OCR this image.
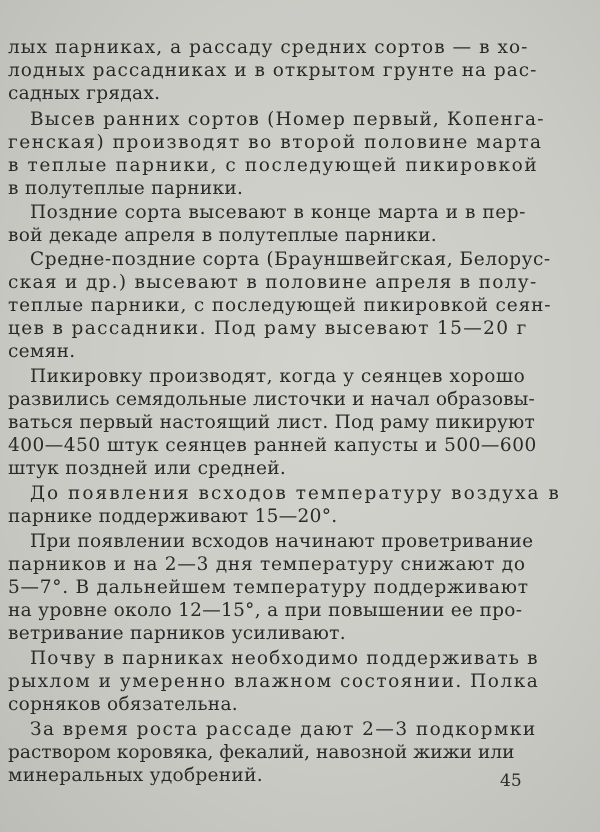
лых парниках, а рассаду средних сортов — в хо-
лодных рассадниках и в открытом грунте на рас-
садных грядах.
Высев ранних сортов (Номер первый, Копенга-
генская) производят во второй половине марта
в теплые парники, с последующей пикировкой
в полутеплые парники.
Поздние сорта высевают в конце марта и в пер-
вой декаде апреля в полутеплые парники.
Средне-поздние сорта (Брауншвейгская, Белорус-
ская и др.) высевают в половине апреля в полу-
теплые парники, с последующей пикировкой сеян-
цев в рассадники. Под раму высевают 15—20 г
семян.
Пикировку производят, когда у сеянцев хорошо
развились семядольные листочки и начал образовы-
ваться первый настоящий лист. Под раму пикируют
400—450 штук сеянцев ранней капусты и 500—600
штук поздней или средней.
До появления всходов температуру воздуха в
парнике поддерживают 15—20°.
При появлении всходов начинают проветривание
парников и на 2—3 дня температуру снижают до
5—7°. В дальнейшем температуру поддерживают
на уровне около 12—15°, а при повышении ее про-
ветривание парников усиливают.
Почву в парниках необходимо поддерживать в
рыхлом и умеренно влажном состоянии. Полка
сорняков обязательна.
За время роста рассаде дают 2—3 подкормки
раствором коровяка, фекалий, навозной жижи или
минеральных удобрений.	45
